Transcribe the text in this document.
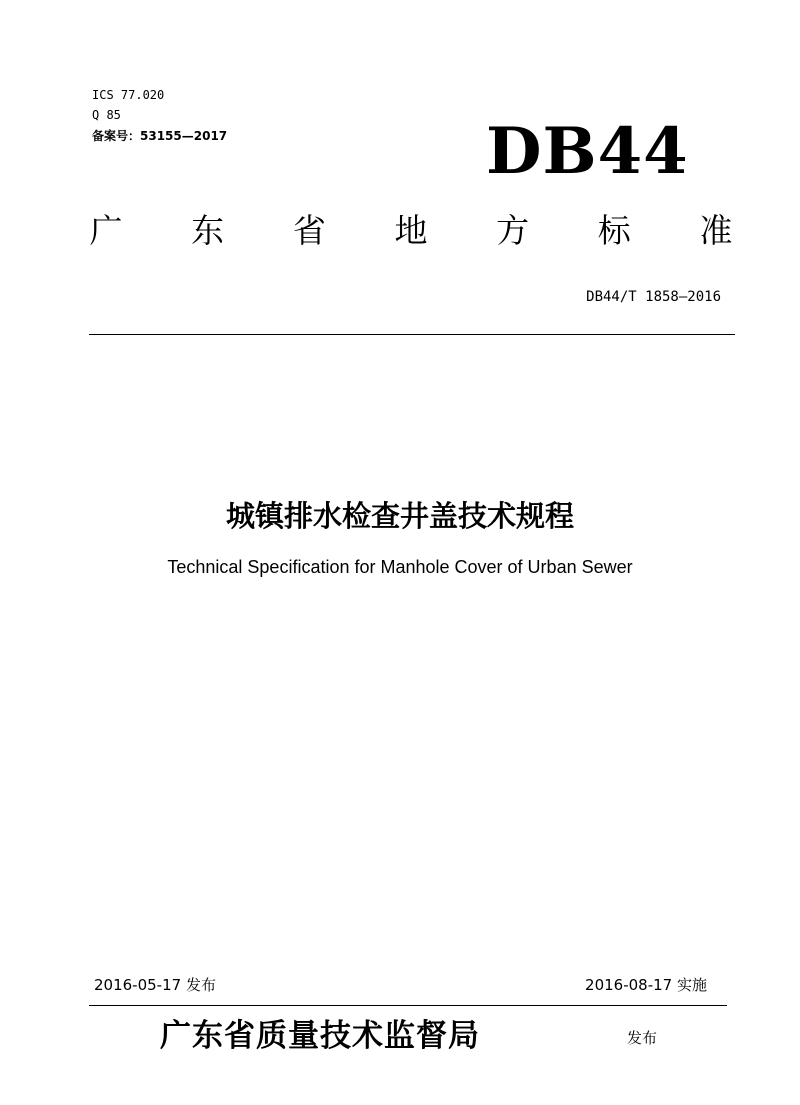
ICS 77.020
Q 85
备案号：53155—2017	DB44
广 东 省 地 方 标 准
DB44/T 1858—2016
城镇排水检查井盖技术规程
Technical Specification for Manhole Cover of Urban Sewer
2016-05-17 发布	2016-08-17 实施
广东省质量技术监督局	发布
